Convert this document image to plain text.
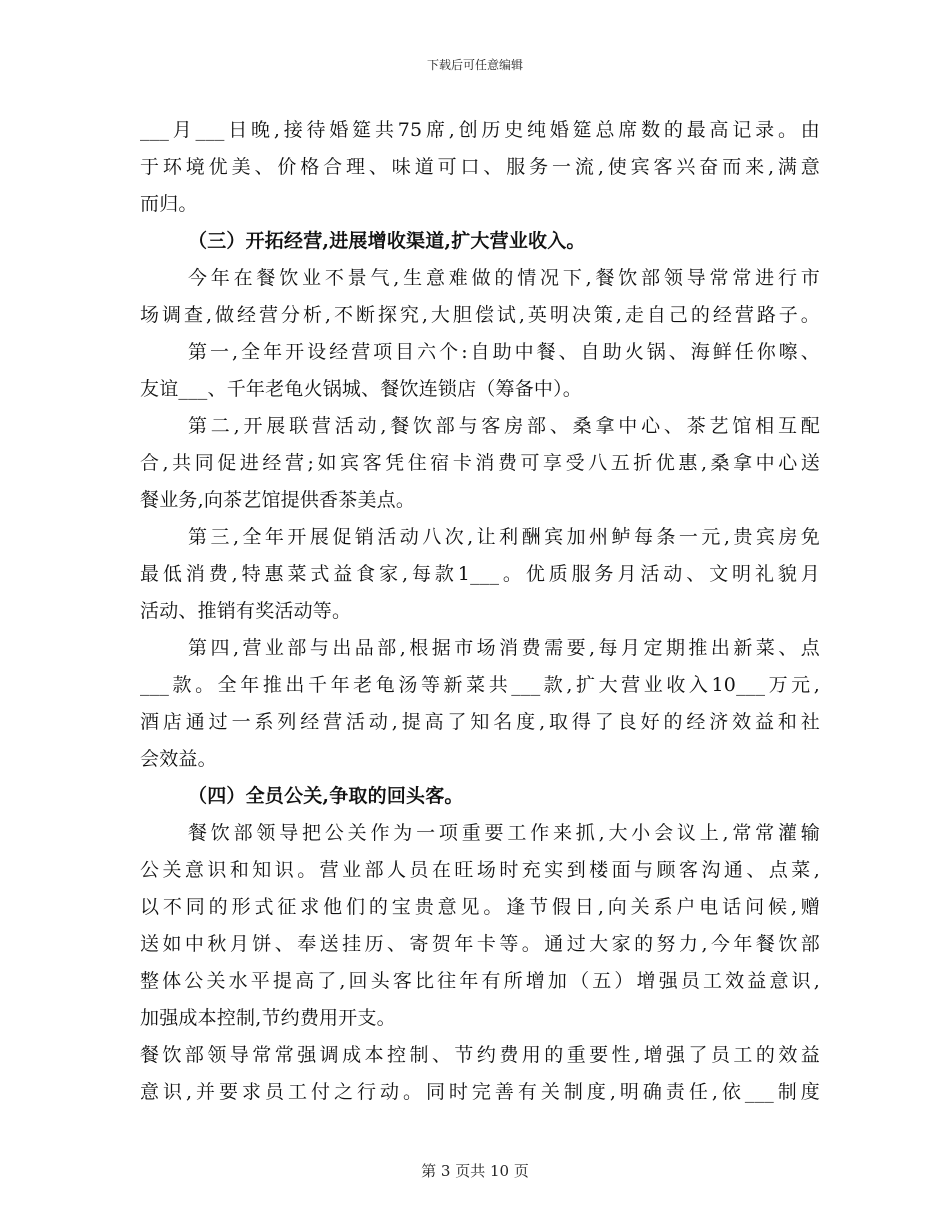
下载后可任意编辑
___月___日晚,接待婚筵共75席,创历史纯婚筵总席数的最高记录。由
于环境优美、价格合理、味道可口、服务一流,使宾客兴奋而来,满意
而归。
（三）开拓经营,进展增收渠道,扩大营业收入。
今年在餐饮业不景气,生意难做的情况下,餐饮部领导常常进行市
场调查,做经营分析,不断探究,大胆偿试,英明决策,走自己的经营路子。
第一,全年开设经营项目六个:自助中餐、自助火锅、海鲜任你嚓、
友谊___、千年老龟火锅城、餐饮连锁店（筹备中）。
第二,开展联营活动,餐饮部与客房部、桑拿中心、茶艺馆相互配
合,共同促进经营;如宾客凭住宿卡消费可享受八五折优惠,桑拿中心送
餐业务,向茶艺馆提供香茶美点。
第三,全年开展促销活动八次,让利酬宾加州鲈每条一元,贵宾房免
最低消费,特惠菜式益食家,每款1___。优质服务月活动、文明礼貌月
活动、推销有奖活动等。
第四,营业部与出品部,根据市场消费需要,每月定期推出新菜、点
___款。全年推出千年老龟汤等新菜共___款,扩大营业收入10___万元,
酒店通过一系列经营活动,提高了知名度,取得了良好的经济效益和社
会效益。
（四）全员公关,争取的回头客。
餐饮部领导把公关作为一项重要工作来抓,大小会议上,常常灌输
公关意识和知识。营业部人员在旺场时充实到楼面与顾客沟通、点菜,
以不同的形式征求他们的宝贵意见。逢节假日,向关系户电话问候,赠
送如中秋月饼、奉送挂历、寄贺年卡等。通过大家的努力,今年餐饮部
整体公关水平提高了,回头客比往年有所增加（五）增强员工效益意识,
加强成本控制,节约费用开支。
餐饮部领导常常强调成本控制、节约费用的重要性,增强了员工的效益
意识,并要求员工付之行动。同时完善有关制度,明确责任,依___制度
第 3 页共 10 页
